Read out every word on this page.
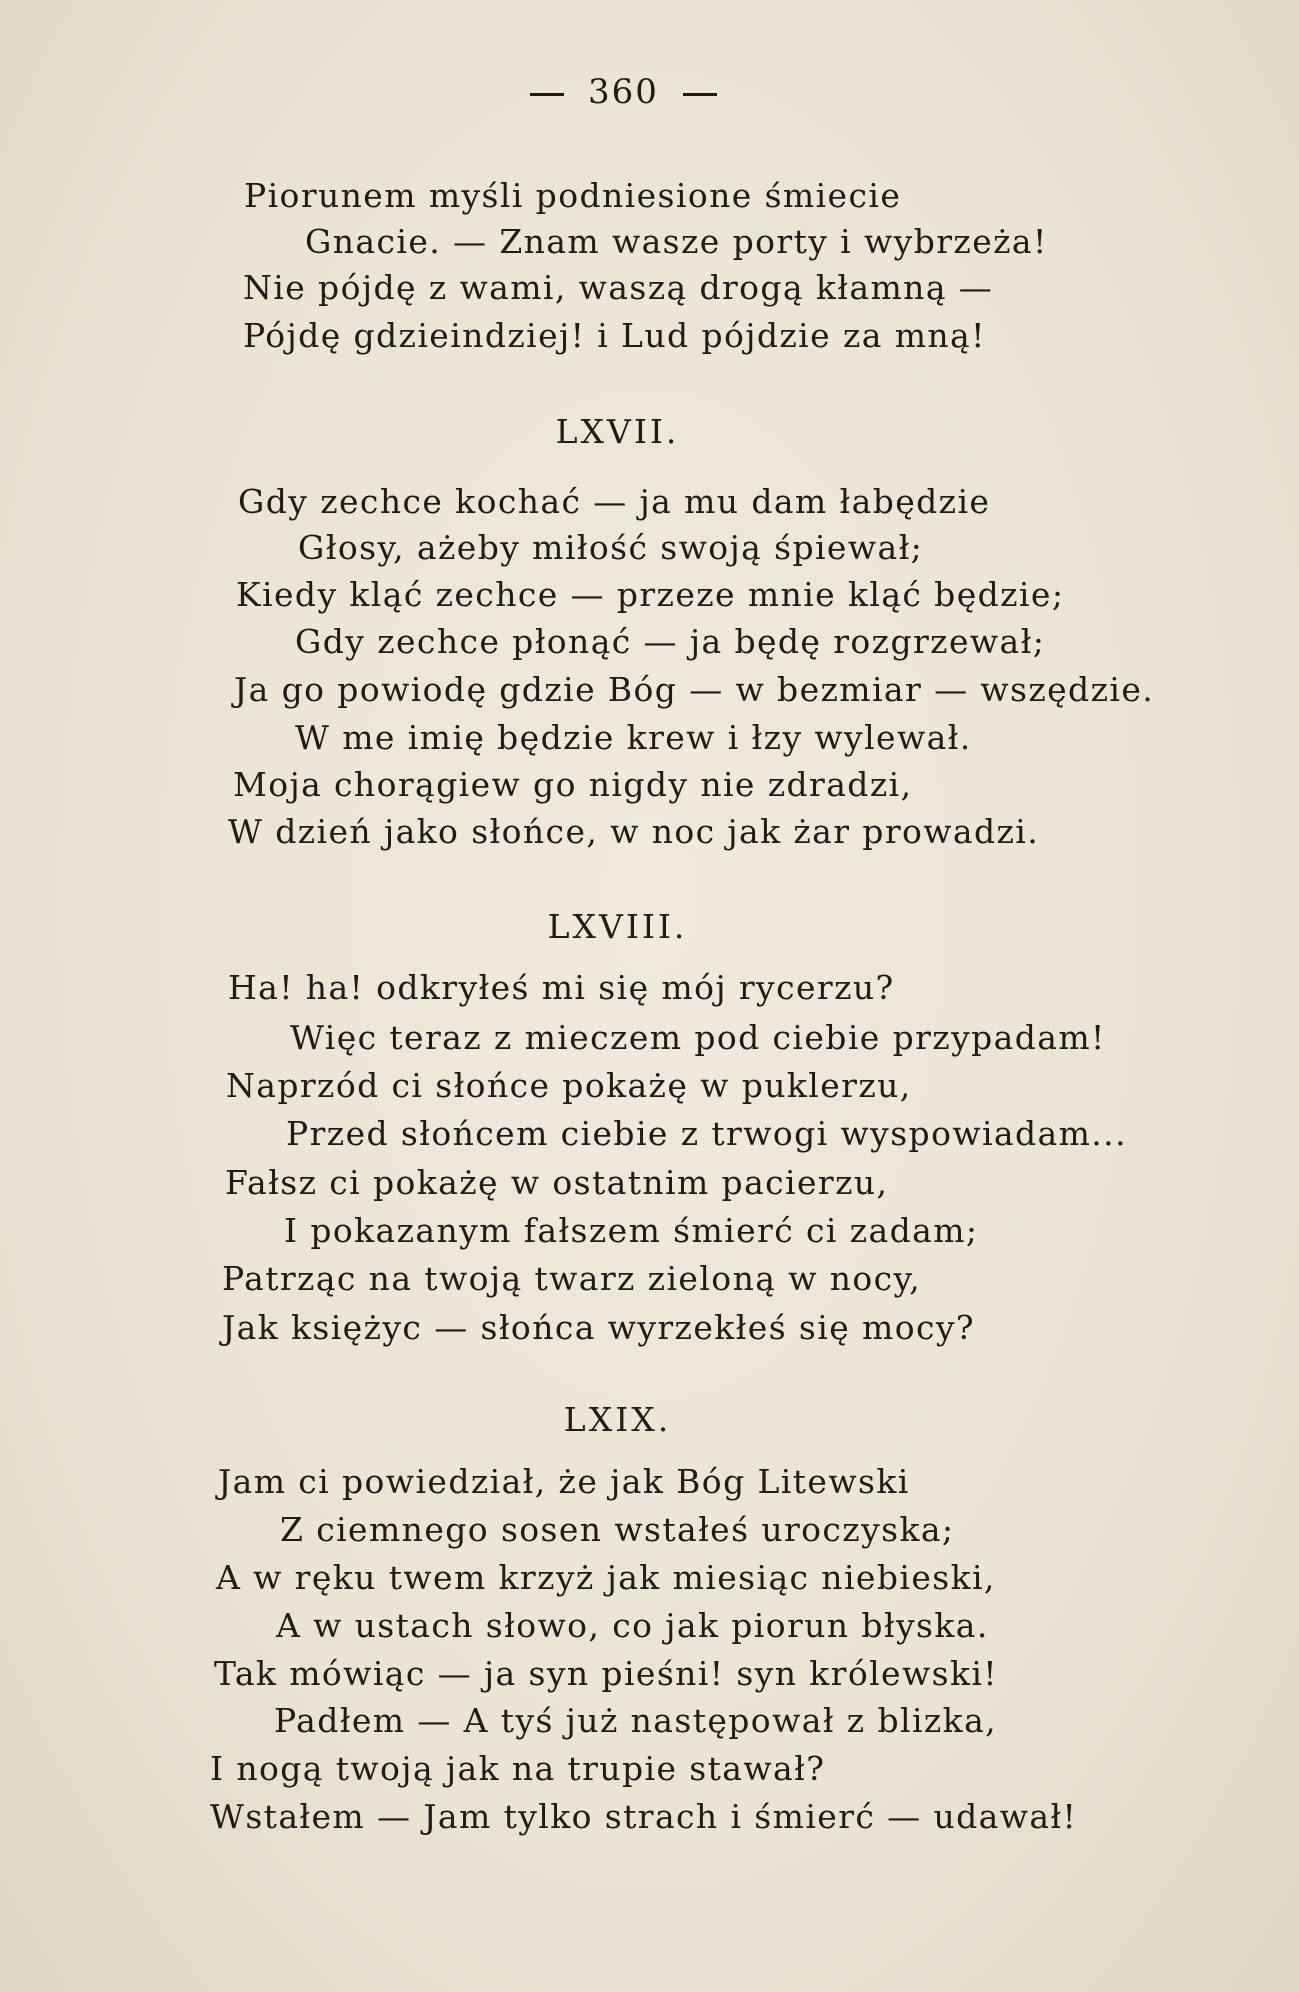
360
Piorunem myśli podniesione śmiecie
Gnacie. — Znam wasze porty i wybrzeża!
Nie pójdę z wami, waszą drogą kłamną —
Pójdę gdzieindziej! i Lud pójdzie za mną!
LXVII.
Gdy zechce kochać — ja mu dam łabędzie
Głosy, ażeby miłość swoją śpiewał;
Kiedy kląć zechce — przeze mnie kląć będzie;
Gdy zechce płonąć — ja będę rozgrzewał;
Ja go powiodę gdzie Bóg — w bezmiar — wszędzie.
W me imię będzie krew i łzy wylewał.
Moja chorągiew go nigdy nie zdradzi,
W dzień jako słońce, w noc jak żar prowadzi.
LXVIII.
Ha! ha! odkryłeś mi się mój rycerzu?
Więc teraz z mieczem pod ciebie przypadam!
Naprzód ci słońce pokażę w puklerzu,
Przed słońcem ciebie z trwogi wyspowiadam...
Fałsz ci pokażę w ostatnim pacierzu,
I pokazanym fałszem śmierć ci zadam;
Patrząc na twoją twarz zieloną w nocy,
Jak księżyc — słońca wyrzekłeś się mocy?
LXIX.
Jam ci powiedział, że jak Bóg Litewski
Z ciemnego sosen wstałeś uroczyska;
A w ręku twem krzyż jak miesiąc niebieski,
A w ustach słowo, co jak piorun błyska.
Tak mówiąc — ja syn pieśni! syn królewski!
Padłem — A tyś już następował z blizka,
I nogą twoją jak na trupie stawał?
Wstałem — Jam tylko strach i śmierć — udawał!
